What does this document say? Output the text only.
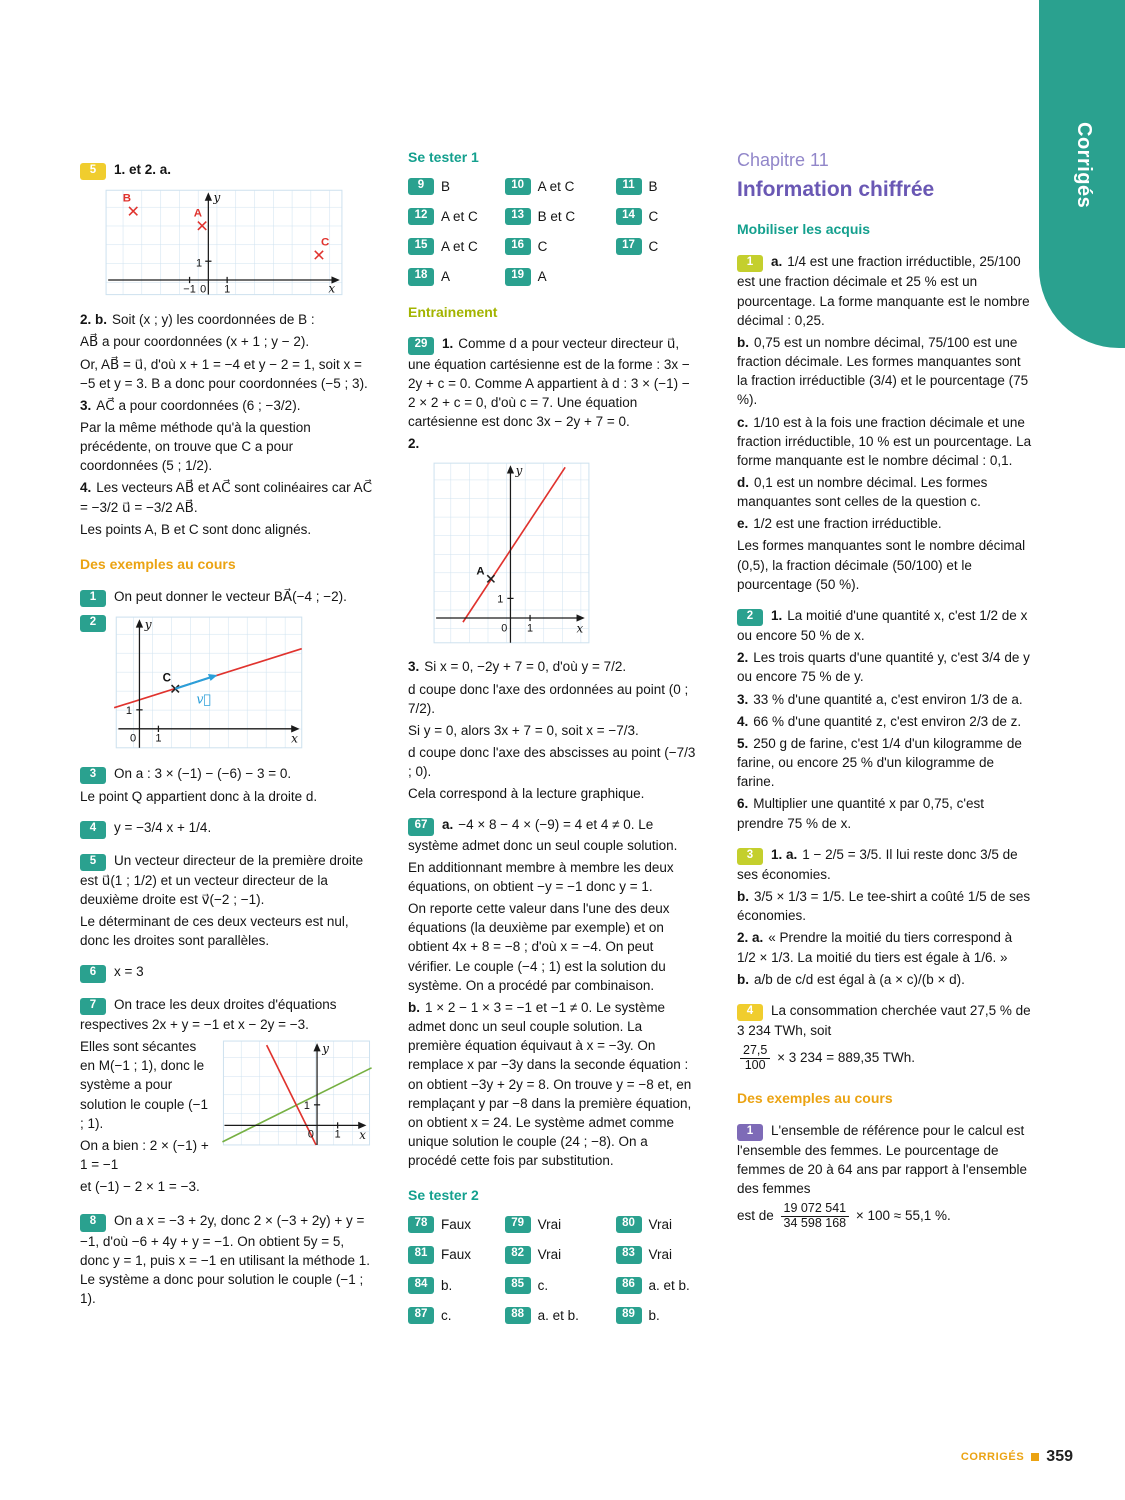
Corrigés

5 1. et 2. a.

y
x
1
−1 0 1
B
A
C

2. b. Soit (x ; y) les coordonnées de B :

AB⃗ a pour coordonnées (x + 1 ; y − 2).

Or, AB⃗ = u⃗, d'où x + 1 = −4 et y − 2 = 1, soit x = −5 et y = 3. B a donc pour coordonnées (−5 ; 3).

3. AC⃗ a pour coordonnées (6 ; −3/2).

Par la même méthode qu'à la question précédente, on trouve que C a pour coordonnées (5 ; 1/2).

4. Les vecteurs AB⃗ et AC⃗ sont colinéaires car AC⃗ = −3/2 u⃗ = −3/2 AB⃗.

Les points A, B et C sont donc alignés.

Des exemples au cours

1 On peut donner le vecteur BA⃗(−4 ; −2).

2
1
0 1	x
y
C
v⃗

3 On a : 3 × (−1) − (−6) − 3 = 0.

Le point Q appartient donc à la droite d.

4 y = −3/4 x + 1/4.

5 Un vecteur directeur de la première droite est u⃗(1 ; 1/2) et un vecteur directeur de la deuxième droite est v⃗(−2 ; −1).

Le déterminant de ces deux vecteurs est nul, donc les droites sont parallèles.

6 x = 3

7 On trace les deux droites d'équations respectives 2x + y = −1 et x − 2y = −3.

1
0 1 x
y

Elles sont sécantes en M(−1 ; 1), donc le système a pour solution le couple (−1 ; 1).

On a bien : 2 × (−1) + 1 = −1

et (−1) − 2 × 1 = −3.

8 On a x = −3 + 2y, donc 2 × (−3 + 2y) + y = −1, d'où −6 + 4y + y = −1. On obtient 5y = 5, donc y = 1, puis x = −1 en utilisant la méthode 1. Le système a donc pour solution le couple (−1 ; 1).

Se tester 1
9	B	10	A et C	11	B
12	A et C	13	B et C	14	C
15	A et C	16	C	17	C
18	A	19	A
Entrainement

29 1. Comme d a pour vecteur directeur u⃗, une équation cartésienne est de la forme : 3x − 2y + c = 0. Comme A appartient à d : 3 × (−1) − 2 × 2 + c = 0, d'où c = 7. Une équation cartésienne est donc 3x − 2y + 7 = 0.

2.

1
0 1	x
y
A

3. Si x = 0, −2y + 7 = 0, d'où y = 7/2.

d coupe donc l'axe des ordonnées au point (0 ; 7/2).

Si y = 0, alors 3x + 7 = 0, soit x = −7/3.

d coupe donc l'axe des abscisses au point (−7/3 ; 0).

Cela correspond à la lecture graphique.

67 a. −4 × 8 − 4 × (−9) = 4 et 4 ≠ 0. Le système admet donc un seul couple solution.

En additionnant membre à membre les deux équations, on obtient −y = −1 donc y = 1.

On reporte cette valeur dans l'une des deux équations (la deuxième par exemple) et on obtient 4x + 8 = −8 ; d'où x = −4. On peut vérifier. Le couple (−4 ; 1) est la solution du système. On a procédé par combinaison.

b. 1 × 2 − 1 × 3 = −1 et −1 ≠ 0. Le système admet donc un seul couple solution. La première équation équivaut à x = −3y. On remplace x par −3y dans la seconde équation : on obtient −3y + 2y = 8. On trouve y = −8 et, en remplaçant y par −8 dans la première équation, on obtient x = 24. Le système admet comme unique solution le couple (24 ; −8). On a procédé cette fois par substitution.

Se tester 2
78	Faux	79	Vrai	80	Vrai
81	Faux	82	Vrai	83	Vrai
84	b.	85	c.	86	a. et b.
87	c.	88	a. et b.	89	b.
Chapitre 11
Information chiffrée
Mobiliser les acquis

1 a. 1/4 est une fraction irréductible, 25/100 est une fraction décimale et 25 % est un pourcentage. La forme manquante est le nombre décimal : 0,25.

b. 0,75 est un nombre décimal, 75/100 est une fraction décimale. Les formes manquantes sont la fraction irréductible (3/4) et le pourcentage (75 %).

c. 1/10 est à la fois une fraction décimale et une fraction irréductible, 10 % est un pourcentage. La forme manquante est le nombre décimal : 0,1.

d. 0,1 est un nombre décimal. Les formes manquantes sont celles de la question c.

e. 1/2 est une fraction irréductible.

Les formes manquantes sont le nombre décimal (0,5), la fraction décimale (50/100) et le pourcentage (50 %).

2 1. La moitié d'une quantité x, c'est 1/2 de x ou encore 50 % de x.

2. Les trois quarts d'une quantité y, c'est 3/4 de y ou encore 75 % de y.

3. 33 % d'une quantité a, c'est environ 1/3 de a.

4. 66 % d'une quantité z, c'est environ 2/3 de z.

5. 250 g de farine, c'est 1/4 d'un kilogramme de farine, ou encore 25 % d'un kilogramme de farine.

6. Multiplier une quantité x par 0,75, c'est prendre 75 % de x.

3 1. a. 1 − 2/5 = 3/5. Il lui reste donc 3/5 de ses économies.

b. 3/5 × 1/3 = 1/5. Le tee-shirt a coûté 1/5 de ses économies.

2. a. « Prendre la moitié du tiers correspond à 1/2 × 1/3. La moitié du tiers est égale à 1/6. »

b. a/b de c/d est égal à (a × c)/(b × d).

4 La consommation cherchée vaut 27,5 % de 3 234 TWh, soit

$\frac{27,5}{100} \times 3$ 234 = 889,35 TWh.

Des exemples au cours

1 L'ensemble de référence pour le calcul est l'ensemble des femmes. Le pourcentage de femmes de 20 à 64 ans par rapport à l'ensemble des femmes

est de $\frac{19 072 541}{34 598 168} \times 100 \approx 55,1$ %.

CORRIGÉS 359
